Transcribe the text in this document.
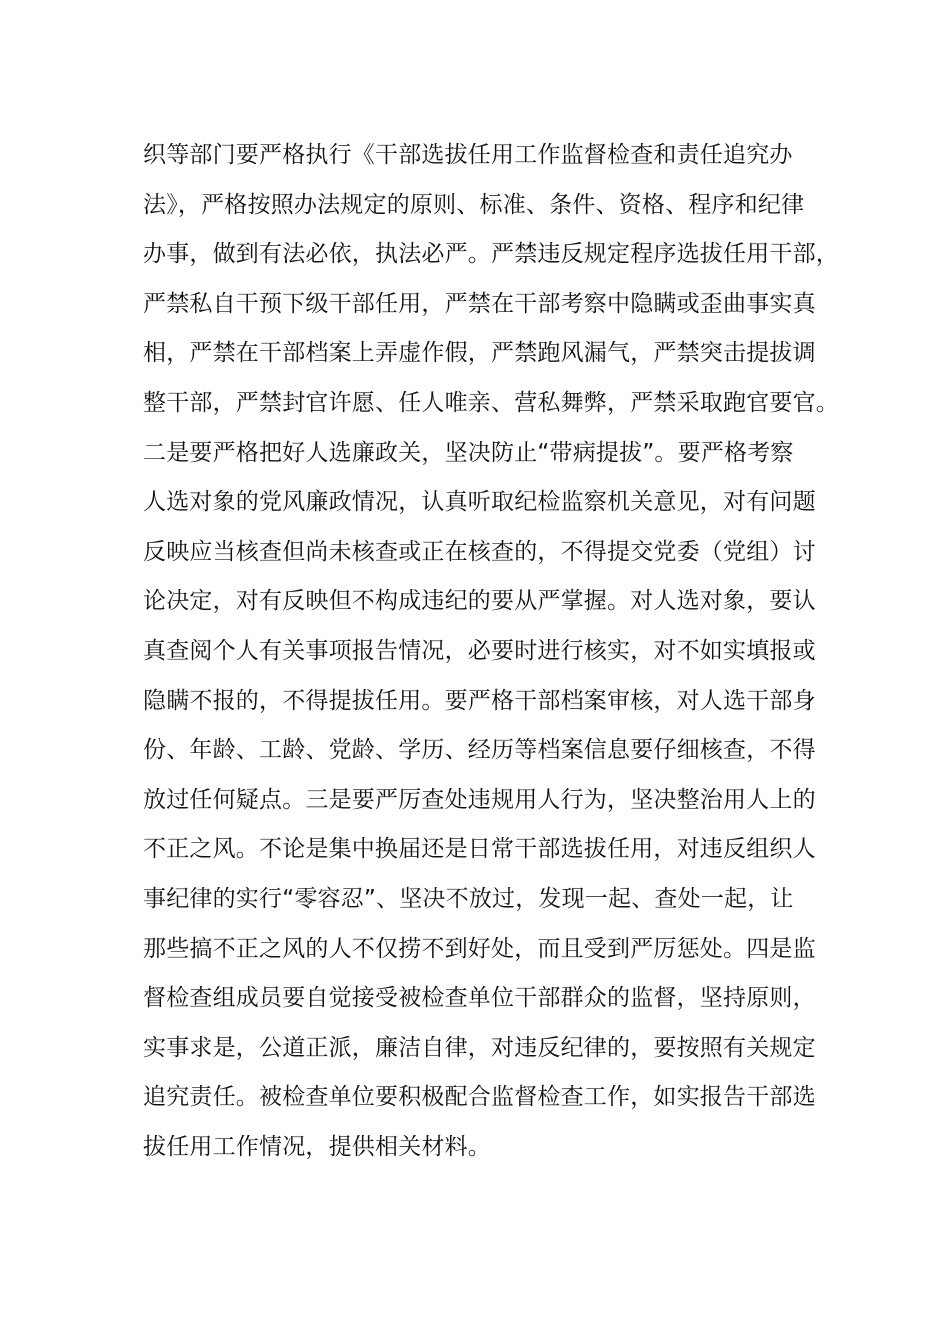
织等部门要严格执行《干部选拔任用工作监督检查和责任追究办
法》，严格按照办法规定的原则、标准、条件、资格、程序和纪律
办事，做到有法必依，执法必严。严禁违反规定程序选拔任用干部，
严禁私自干预下级干部任用，严禁在干部考察中隐瞒或歪曲事实真
相，严禁在干部档案上弄虚作假，严禁跑风漏气，严禁突击提拔调
整干部，严禁封官许愿、任人唯亲、营私舞弊，严禁采取跑官要官。
二是要严格把好人选廉政关，坚决防止“带病提拔”。要严格考察
人选对象的党风廉政情况，认真听取纪检监察机关意见，对有问题
反映应当核查但尚未核查或正在核查的，不得提交党委（党组）讨
论决定，对有反映但不构成违纪的要从严掌握。对人选对象，要认
真查阅个人有关事项报告情况，必要时进行核实，对不如实填报或
隐瞒不报的，不得提拔任用。要严格干部档案审核，对人选干部身
份、年龄、工龄、党龄、学历、经历等档案信息要仔细核查，不得
放过任何疑点。三是要严厉查处违规用人行为，坚决整治用人上的
不正之风。不论是集中换届还是日常干部选拔任用，对违反组织人
事纪律的实行“零容忍”、坚决不放过，发现一起、查处一起，让
那些搞不正之风的人不仅捞不到好处，而且受到严厉惩处。四是监
督检查组成员要自觉接受被检查单位干部群众的监督，坚持原则，
实事求是，公道正派，廉洁自律，对违反纪律的，要按照有关规定
追究责任。被检查单位要积极配合监督检查工作，如实报告干部选
拔任用工作情况，提供相关材料。
